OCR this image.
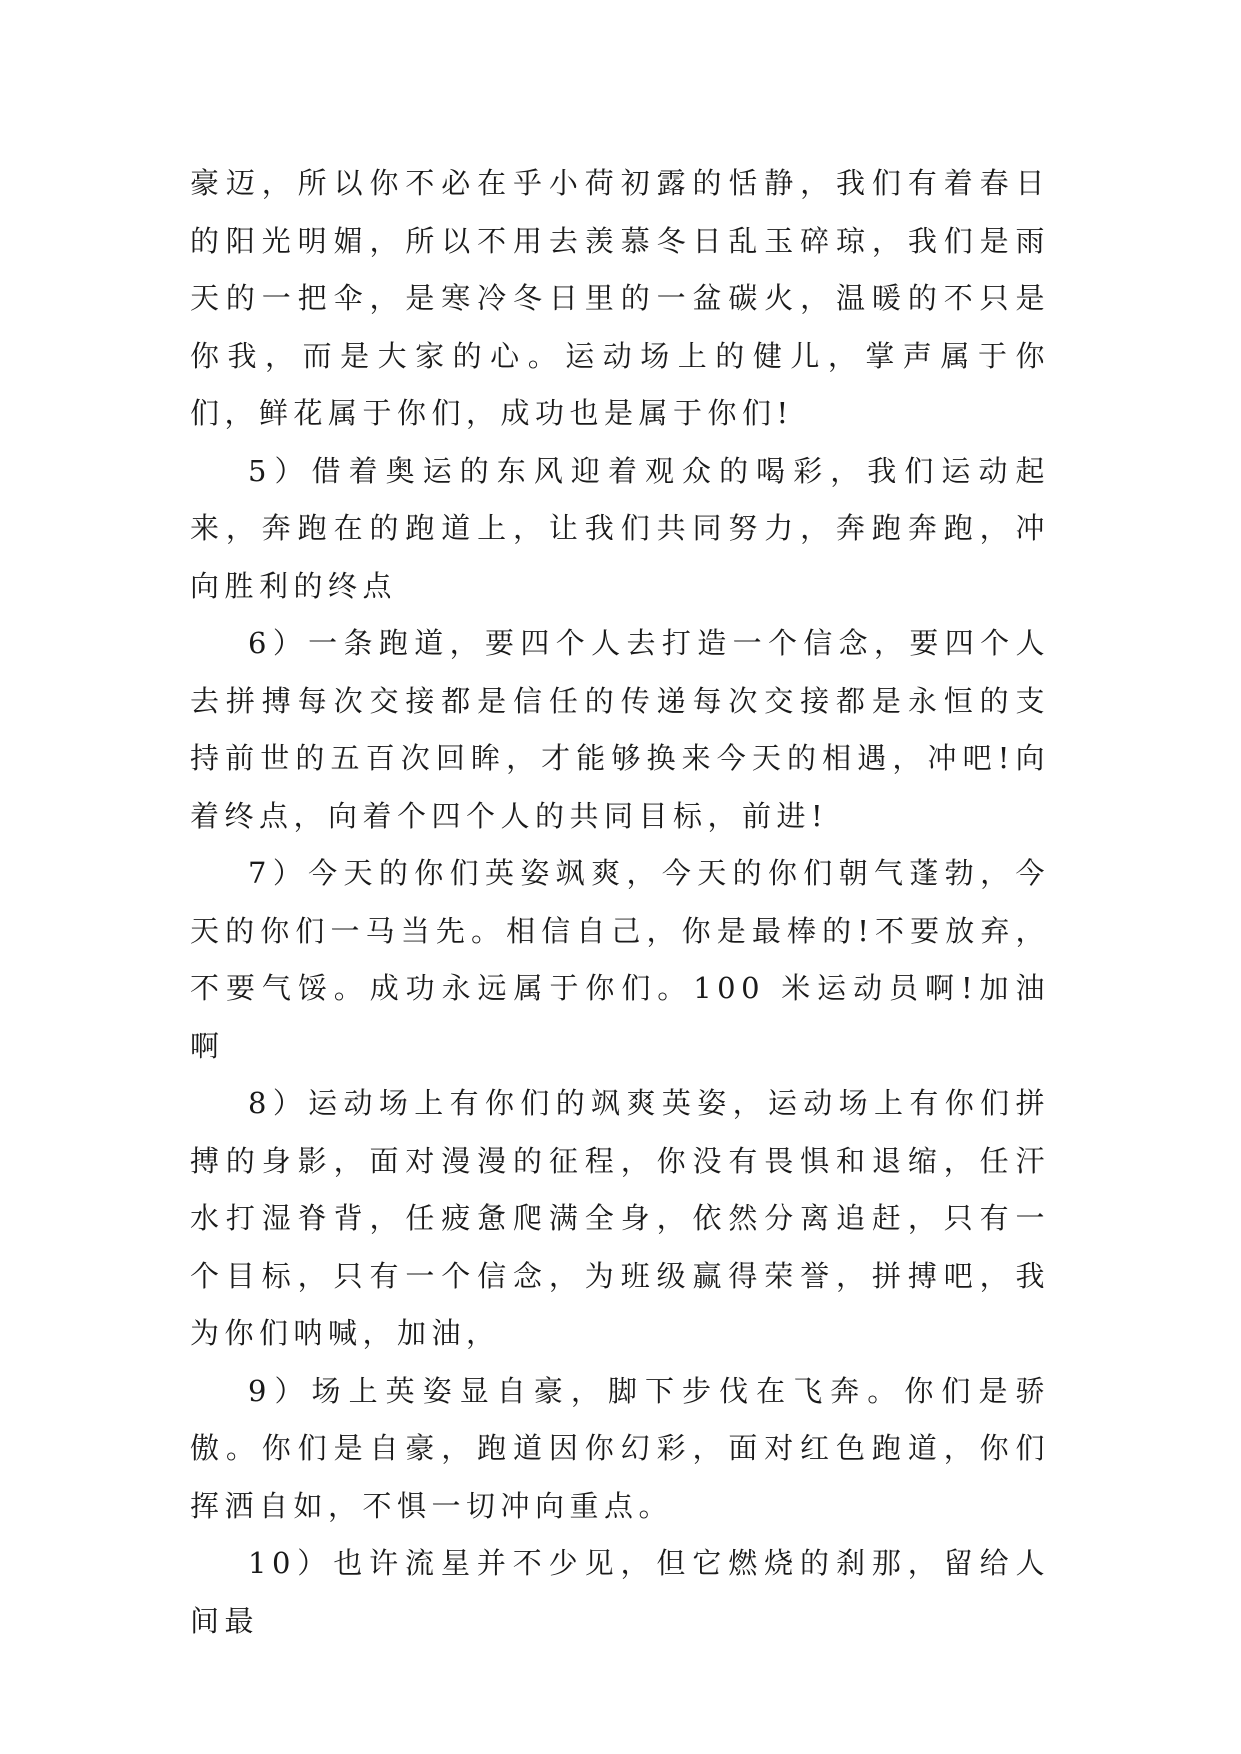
豪迈，所以你不必在乎小荷初露的恬静，我们有着春日的阳光明媚，所以不用去羡慕冬日乱玉碎琼，我们是雨天的一把伞，是寒冷冬日里的一盆碳火，温暖的不只是你我，而是大家的心。运动场上的健儿，掌声属于你们，鲜花属于你们，成功也是属于你们!

5）借着奥运的东风迎着观众的喝彩，我们运动起来，奔跑在的跑道上，让我们共同努力，奔跑奔跑，冲向胜利的终点

6）一条跑道，要四个人去打造一个信念，要四个人去拼搏每次交接都是信任的传递每次交接都是永恒的支持前世的五百次回眸，才能够换来今天的相遇，冲吧!向着终点，向着个四个人的共同目标，前进!

7）今天的你们英姿飒爽，今天的你们朝气蓬勃，今天的你们一马当先。相信自己，你是最棒的!不要放弃，不要气馁。成功永远属于你们。100 米运动员啊!加油啊

8）运动场上有你们的飒爽英姿，运动场上有你们拼搏的身影，面对漫漫的征程，你没有畏惧和退缩，任汗水打湿脊背，任疲惫爬满全身，依然分离追赶，只有一个目标，只有一个信念，为班级赢得荣誉，拼搏吧，我为你们呐喊，加油，

9）场上英姿显自豪，脚下步伐在飞奔。你们是骄傲。你们是自豪，跑道因你幻彩，面对红色跑道，你们挥洒自如，不惧一切冲向重点。

10）也许流星并不少见，但它燃烧的刹那，留给人间最
